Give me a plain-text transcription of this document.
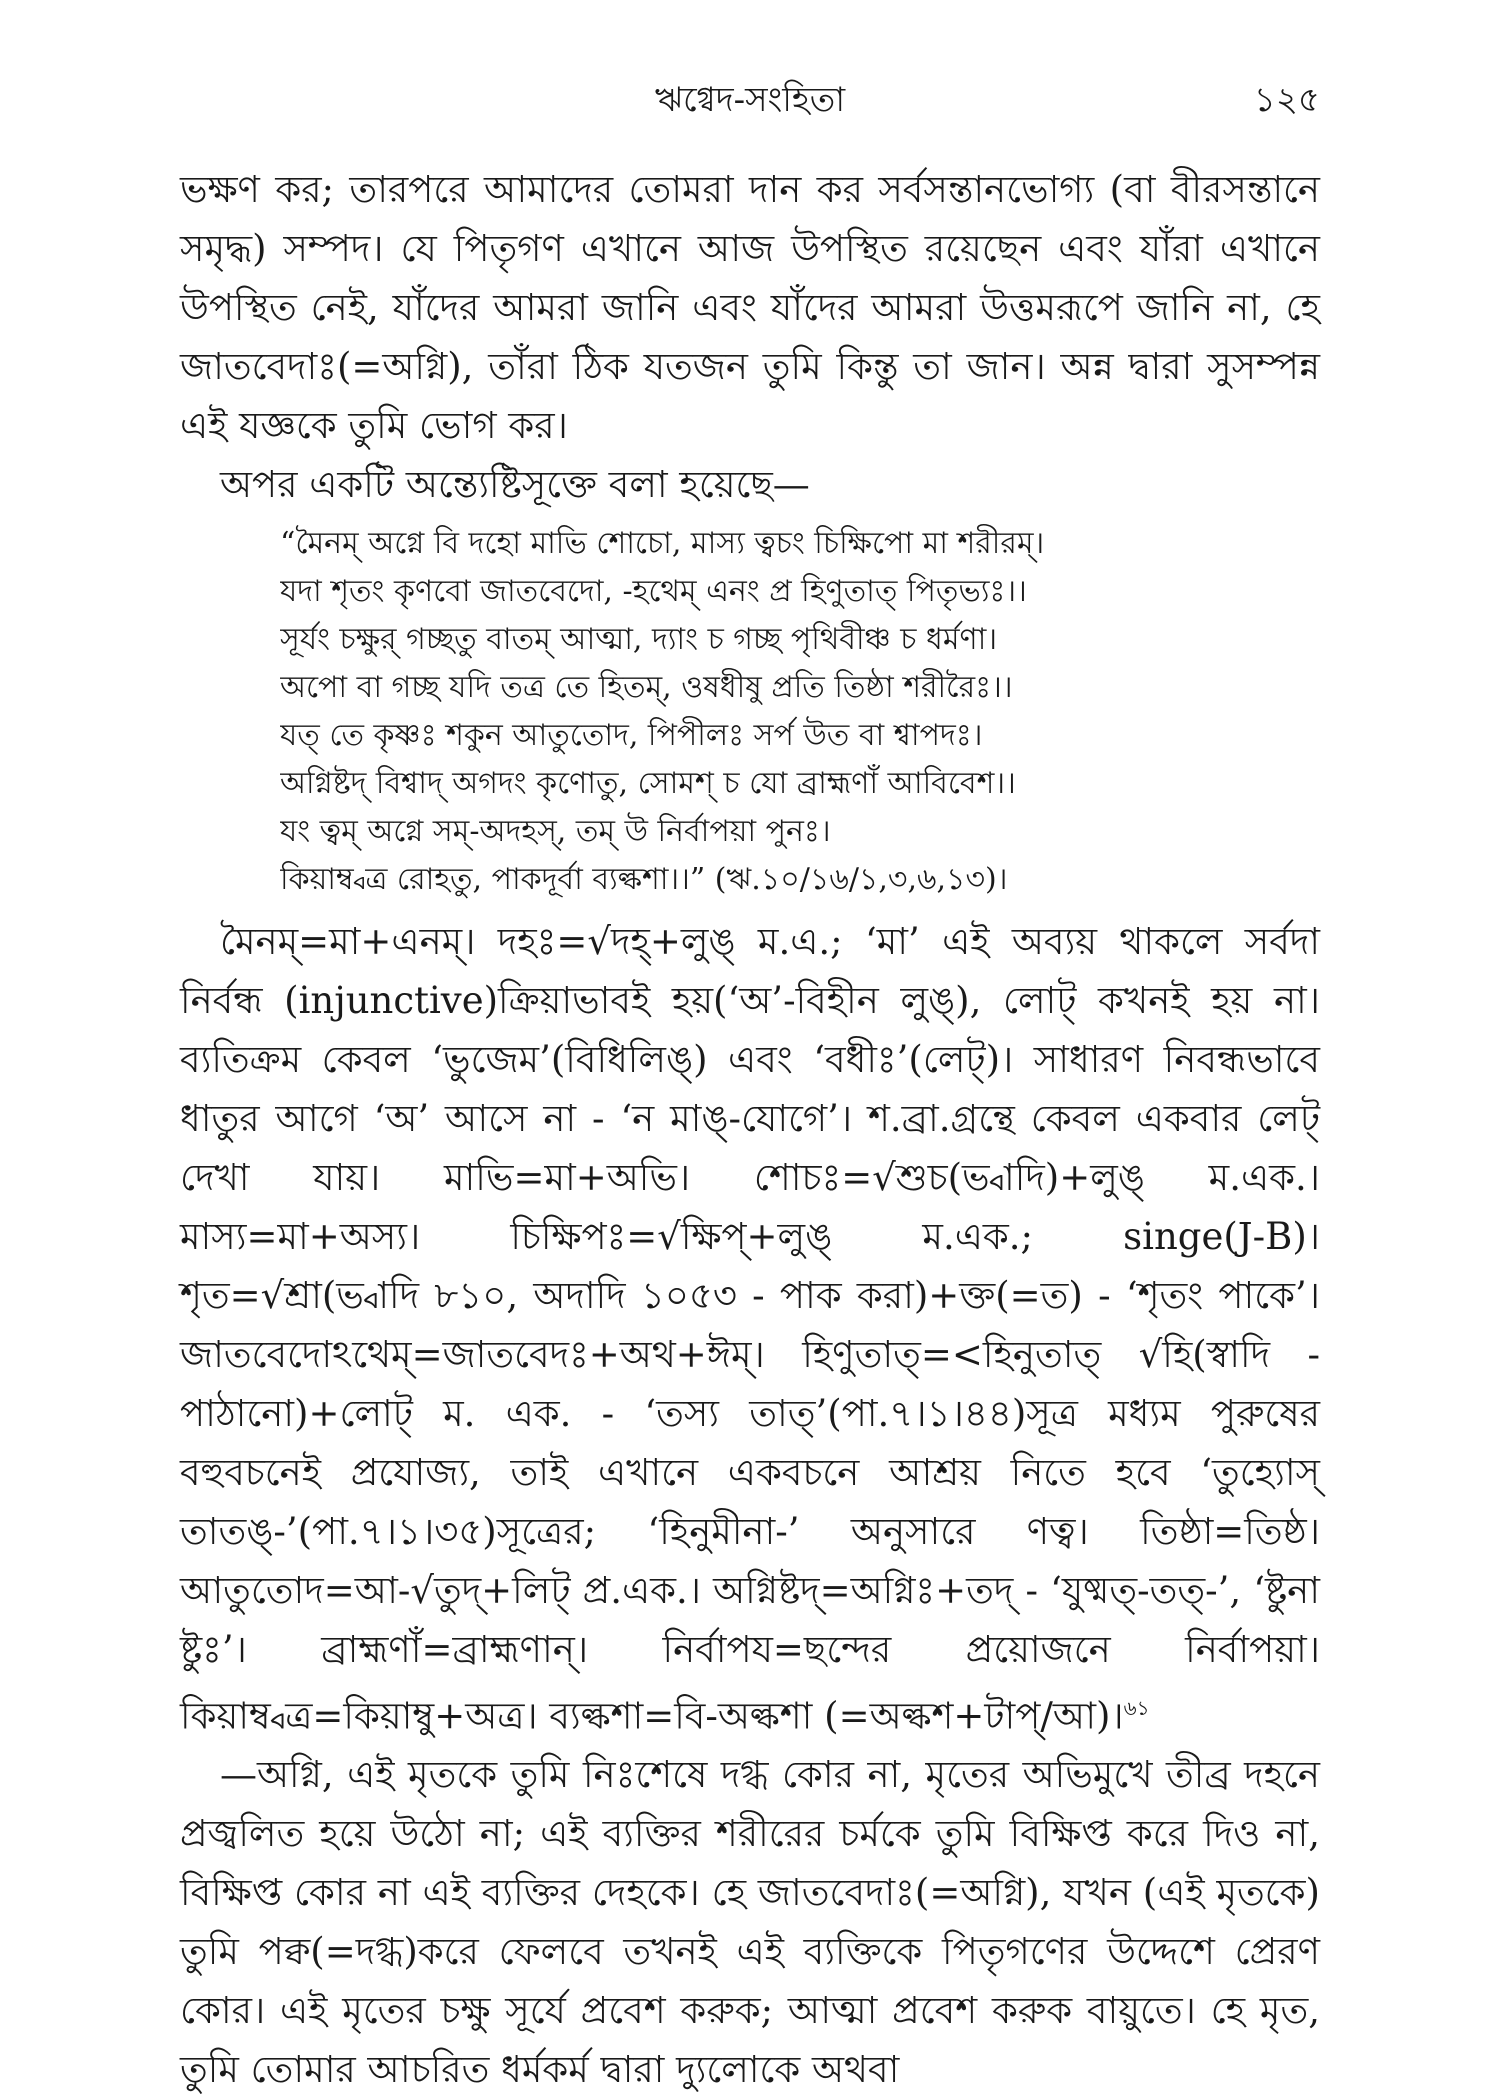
ঋগ্বেদ-সংহিতা	১২৫

ভক্ষণ কর; তারপরে আমাদের তোমরা দান কর সর্বসন্তানভোগ্য (বা বীরসন্তানে সমৃদ্ধ) সম্পদ। যে পিতৃগণ এখানে আজ উপস্থিত রয়েছেন এবং যাঁরা এখানে উপস্থিত নেই, যাঁদের আমরা জানি এবং যাঁদের আমরা উত্তমরূপে জানি না, হে জাতবেদাঃ(=অগ্নি), তাঁরা ঠিক যতজন তুমি কিন্তু তা জান। অন্ন দ্বারা সুসম্পন্ন এই যজ্ঞকে তুমি ভোগ কর।

অপর একটি অন্ত্যেষ্টিসূক্তে বলা হয়েছে—

“মৈনম্ অগ্নে বি দহো মাভি শোচো, মাস্য ত্বচং চিক্ষিপো মা শরীরম্।
যদা শৃতং কৃণবো জাতবেদো, -হথেম্ এনং প্র হিণুতাত্ পিতৃভ্যঃ।।
সূর্যং চক্ষুর্ গচ্ছতু বাতম্ আত্মা, দ্যাং চ গচ্ছ পৃথিবীঞ্চ চ ধর্মণা।
অপো বা গচ্ছ যদি তত্র তে হিতম্, ওষধীষু প্রতি তিষ্ঠা শরীরৈঃ।।
যত্ তে কৃষ্ণঃ শকুন আতুতোদ, পিপীলঃ সর্প উত বা শ্বাপদঃ।
অগ্নিষ্টদ্ বিশ্বাদ্ অগদং কৃণোতু, সোমশ্ চ যো ব্রাহ্মণাঁ আবিবেশ।।
যং ত্বম্ অগ্নে সম্-অদহস্, তম্ উ নির্বাপয়া পুনঃ।
কিয়াম্ব্বত্র রোহতু, পাকদূর্বা ব্যল্কশা।।” (ঋ.১০/১৬/১,৩,৬,১৩)।

মৈনম্=মা+এনম্। দহঃ=√দহ্+লুঙ্ ম.এ.; ‘মা’ এই অব্যয় থাকলে সর্বদা নির্বন্ধ (injunctive)ক্রিয়াভাবই হয়(‘অ’-বিহীন লুঙ্), লোট্ কখনই হয় না। ব্যতিক্রম কেবল ‘ভুজেম’(বিধিলিঙ্) এবং ‘বধীঃ’(লেট্)। সাধারণ নিবন্ধভাবে ধাতুর আগে ‘অ’ আসে না - ‘ন মাঙ্-যোগে’। শ.ব্রা.গ্রন্থে কেবল একবার লেট্ দেখা যায়। মাভি=মা+অভি। শোচঃ=√শুচ(ভ্বাদি)+লুঙ্ ম.এক.। মাস্য=মা+অস্য। চিক্ষিপঃ=√ক্ষিপ্+লুঙ্ ম.এক.; singe(J-B)। শৃত=√শ্রা(ভ্বাদি ৮১০, অদাদি ১০৫৩ - পাক করা)+ক্ত(=ত) - ‘শৃতং পাকে’। জাতবেদোঽথেম্=জাতবেদঃ+অথ+ঈম্। হিণুতাত্=<হিনুতাত্ √হি(স্বাদি - পাঠানো)+লোট্ ম. এক. - ‘তস্য তাত্’(পা.৭।১।৪৪)সূত্র মধ্যম পুরুষের বহুবচনেই প্রযোজ্য, তাই এখানে একবচনে আশ্রয় নিতে হবে ‘তুহ্যোস্ তাতঙ্-’(পা.৭।১।৩৫)সূত্রের; ‘হিনুমীনা-’ অনুসারে ণত্ব। তিষ্ঠা=তিষ্ঠ। আতুতোদ=আ-√তুদ্+লিট্ প্র.এক.। অগ্নিষ্টদ্=অগ্নিঃ+তদ্ - ‘যুষ্মত্-তত্-’, ‘ষ্টুনা ষ্টুঃ’। ব্রাহ্মণাঁ=ব্রাহ্মণান্। নির্বাপয=ছন্দের প্রয়োজনে নির্বাপয়া। কিয়াম্ব্বত্র=কিয়াম্বু+অত্র। ব্যল্কশা=বি-অল্কশা (=অল্কশ+টাপ্/আ)।$^{৬১}$

—অগ্নি, এই মৃতকে তুমি নিঃশেষে দগ্ধ কোর না, মৃতের অভিমুখে তীব্র দহনে প্রজ্বলিত হয়ে উঠো না; এই ব্যক্তির শরীরের চর্মকে তুমি বিক্ষিপ্ত করে দিও না, বিক্ষিপ্ত কোর না এই ব্যক্তির দেহকে। হে জাতবেদাঃ(=অগ্নি), যখন (এই মৃতকে) তুমি পক্ব(=দগ্ধ)করে ফেলবে তখনই এই ব্যক্তিকে পিতৃগণের উদ্দেশে প্রেরণ কোর। এই মৃতের চক্ষু সূর্যে প্রবেশ করুক; আত্মা প্রবেশ করুক বায়ুতে। হে মৃত, তুমি তোমার আচরিত ধর্মকর্ম দ্বারা দ্যুলোকে অথবা
